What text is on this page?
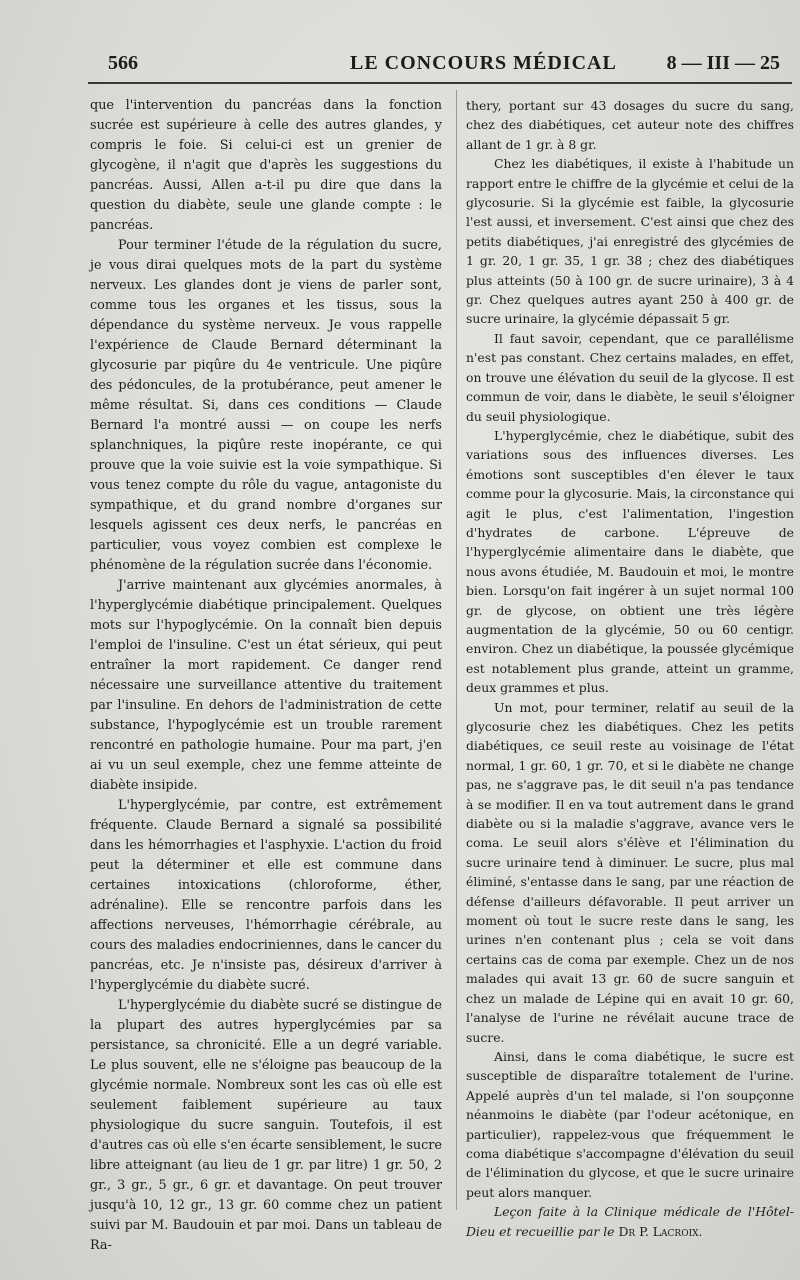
566	LE CONCOURS MÉDICAL 8 — III — 25

que l'intervention du pancréas dans la fonction sucrée est supérieure à celle des autres glandes, y compris le foie. Si celui-ci est un grenier de glycogène, il n'agit que d'après les suggestions du pancréas. Aussi, Allen a-t-il pu dire que dans la question du diabète, seule une glande compte : le pancréas.

Pour terminer l'étude de la régulation du sucre, je vous dirai quelques mots de la part du système nerveux. Les glandes dont je viens de parler sont, comme tous les organes et les tissus, sous la dépendance du système nerveux. Je vous rappelle l'expérience de Claude Bernard déterminant la glycosurie par piqûre du 4e ventricule. Une piqûre des pédoncules, de la protubérance, peut amener le même résultat. Si, dans ces conditions — Claude Bernard l'a montré aussi — on coupe les nerfs splanchniques, la piqûre reste inopérante, ce qui prouve que la voie suivie est la voie sympathique. Si vous tenez compte du rôle du vague, antagoniste du sympathique, et du grand nombre d'organes sur lesquels agissent ces deux nerfs, le pancréas en particulier, vous voyez combien est complexe le phénomène de la régulation sucrée dans l'économie.

J'arrive maintenant aux glycémies anormales, à l'hyperglycémie diabétique principalement. Quelques mots sur l'hypoglycémie. On la connaît bien depuis l'emploi de l'insuline. C'est un état sérieux, qui peut entraîner la mort rapidement. Ce danger rend nécessaire une surveillance attentive du traitement par l'insuline. En dehors de l'administration de cette substance, l'hypoglycémie est un trouble rarement rencontré en pathologie humaine. Pour ma part, j'en ai vu un seul exemple, chez une femme atteinte de diabète insipide.

L'hyperglycémie, par contre, est extrêmement fréquente. Claude Bernard a signalé sa possibilité dans les hémorrhagies et l'asphyxie. L'action du froid peut la déterminer et elle est commune dans certaines intoxications (chloroforme, éther, adrénaline). Elle se rencontre parfois dans les affections nerveuses, l'hémorrhagie cérébrale, au cours des maladies endocriniennes, dans le cancer du pancréas, etc. Je n'insiste pas, désireux d'arriver à l'hyperglycémie du diabète sucré.

L'hyperglycémie du diabète sucré se distingue de la plupart des autres hyperglycémies par sa persistance, sa chronicité. Elle a un degré variable. Le plus souvent, elle ne s'éloigne pas beaucoup de la glycémie normale. Nombreux sont les cas où elle est seulement faiblement supérieure au taux physiologique du sucre sanguin. Toutefois, il est d'autres cas où elle s'en écarte sensiblement, le sucre libre atteignant (au lieu de 1 gr. par litre) 1 gr. 50, 2 gr., 3 gr., 5 gr., 6 gr. et davantage. On peut trouver jusqu'à 10, 12 gr., 13 gr. 60 comme chez un patient suivi par M. Baudouin et par moi. Dans un tableau de Ra-

thery, portant sur 43 dosages du sucre du sang, chez des diabétiques, cet auteur note des chiffres allant de 1 gr. à 8 gr.

Chez les diabétiques, il existe à l'habitude un rapport entre le chiffre de la glycémie et celui de la glycosurie. Si la glycémie est faible, la glycosurie l'est aussi, et inversement. C'est ainsi que chez des petits diabétiques, j'ai enregistré des glycémies de 1 gr. 20, 1 gr. 35, 1 gr. 38 ; chez des diabétiques plus atteints (50 à 100 gr. de sucre urinaire), 3 à 4 gr. Chez quelques autres ayant 250 à 400 gr. de sucre urinaire, la glycémie dépassait 5 gr.

Il faut savoir, cependant, que ce parallélisme n'est pas constant. Chez certains malades, en effet, on trouve une élévation du seuil de la glycose. Il est commun de voir, dans le diabète, le seuil s'éloigner du seuil physiologique.

L'hyperglycémie, chez le diabétique, subit des variations sous des influences diverses. Les émotions sont susceptibles d'en élever le taux comme pour la glycosurie. Mais, la circonstance qui agit le plus, c'est l'alimentation, l'ingestion d'hydrates de carbone. L'épreuve de l'hyperglycémie alimentaire dans le diabète, que nous avons étudiée, M. Baudouin et moi, le montre bien. Lorsqu'on fait ingérer à un sujet normal 100 gr. de glycose, on obtient une très légère augmentation de la glycémie, 50 ou 60 centigr. environ. Chez un diabétique, la poussée glycémique est notablement plus grande, atteint un gramme, deux grammes et plus.

Un mot, pour terminer, relatif au seuil de la glycosurie chez les diabétiques. Chez les petits diabétiques, ce seuil reste au voisinage de l'état normal, 1 gr. 60, 1 gr. 70, et si le diabète ne change pas, ne s'aggrave pas, le dit seuil n'a pas tendance à se modifier. Il en va tout autrement dans le grand diabète ou si la maladie s'aggrave, avance vers le coma. Le seuil alors s'élève et l'élimination du sucre urinaire tend à diminuer. Le sucre, plus mal éliminé, s'entasse dans le sang, par une réaction de défense d'ailleurs défavorable. Il peut arriver un moment où tout le sucre reste dans le sang, les urines n'en contenant plus ; cela se voit dans certains cas de coma par exemple. Chez un de nos malades qui avait 13 gr. 60 de sucre sanguin et chez un malade de Lépine qui en avait 10 gr. 60, l'analyse de l'urine ne révélait aucune trace de sucre.

Ainsi, dans le coma diabétique, le sucre est susceptible de disparaître totalement de l'urine. Appelé auprès d'un tel malade, si l'on soupçonne néanmoins le diabète (par l'odeur acétonique, en particulier), rappelez-vous que fréquemment le coma diabétique s'accompagne d'élévation du seuil de l'élimination du glycose, et que le sucre urinaire peut alors manquer.

Leçon faite à la Clinique médicale de l'Hôtel-Dieu et recueillie par le Dr P. Lacroix.
